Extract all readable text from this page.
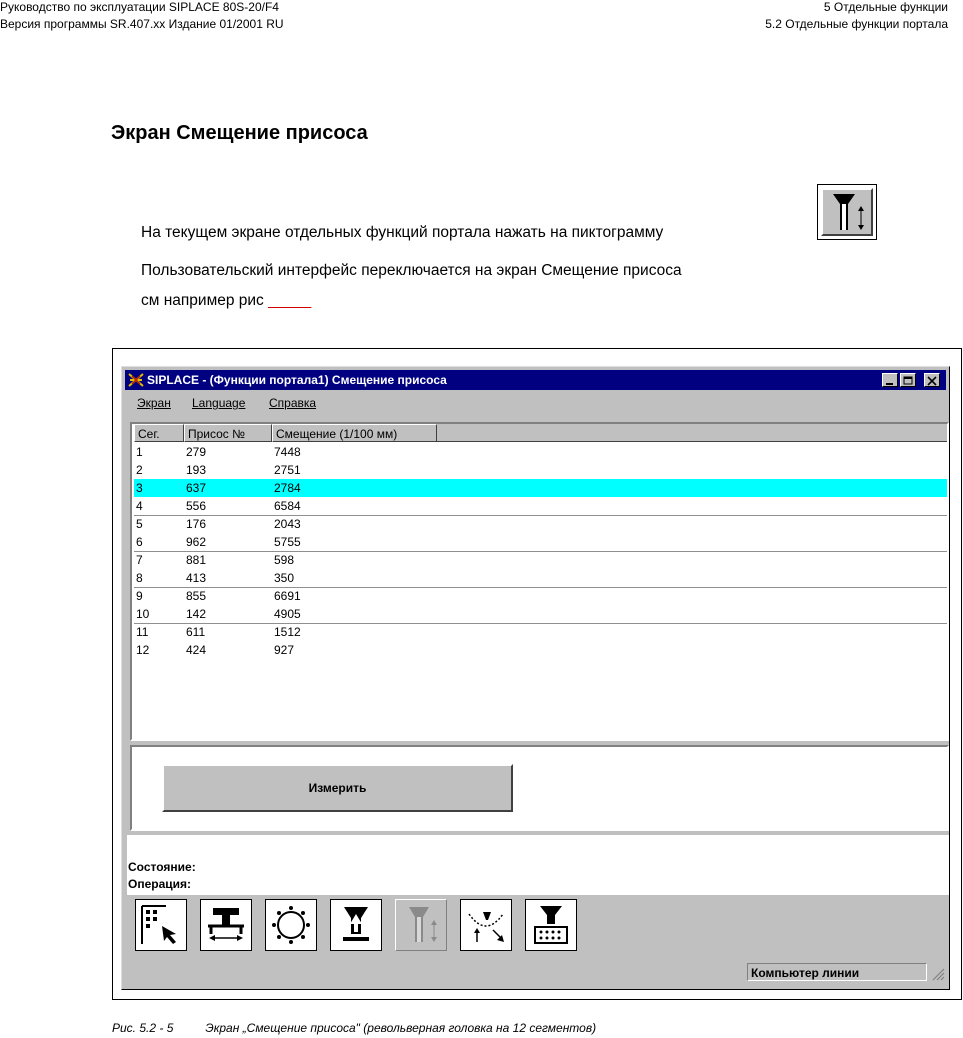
Руководство по эксплуатации SIPLACE 80S-20/F4
Версия программы SR.407.xx Издание 01/2001 RU
5 Отдельные функции
5.2 Отдельные функции портала
Экран Смещение присоса
На текущем экране отдельных функций портала нажать на пиктограмму
Пользовательский интерфейс переключается на экран Смещение присоса
см например рис _____
SIPLACE - (Функции портала1) Смещение присоса
Экран Language Справка
Сег.	Присос №	Смещение (1/100 мм)
1	279	7448
2	193	2751
3	637	2784
4	556	6584
5	176	2043
6	962	5755
7	881	598
8	413	350
9	855	6691
10	142	4905
11	611	1512
12	424	927
Измерить
Состояние:
Операция:
Компьютер линии
Рис. 5.2 - 5	Экран „Смещение присоса" (револьверная головка на 12 сегментов)
